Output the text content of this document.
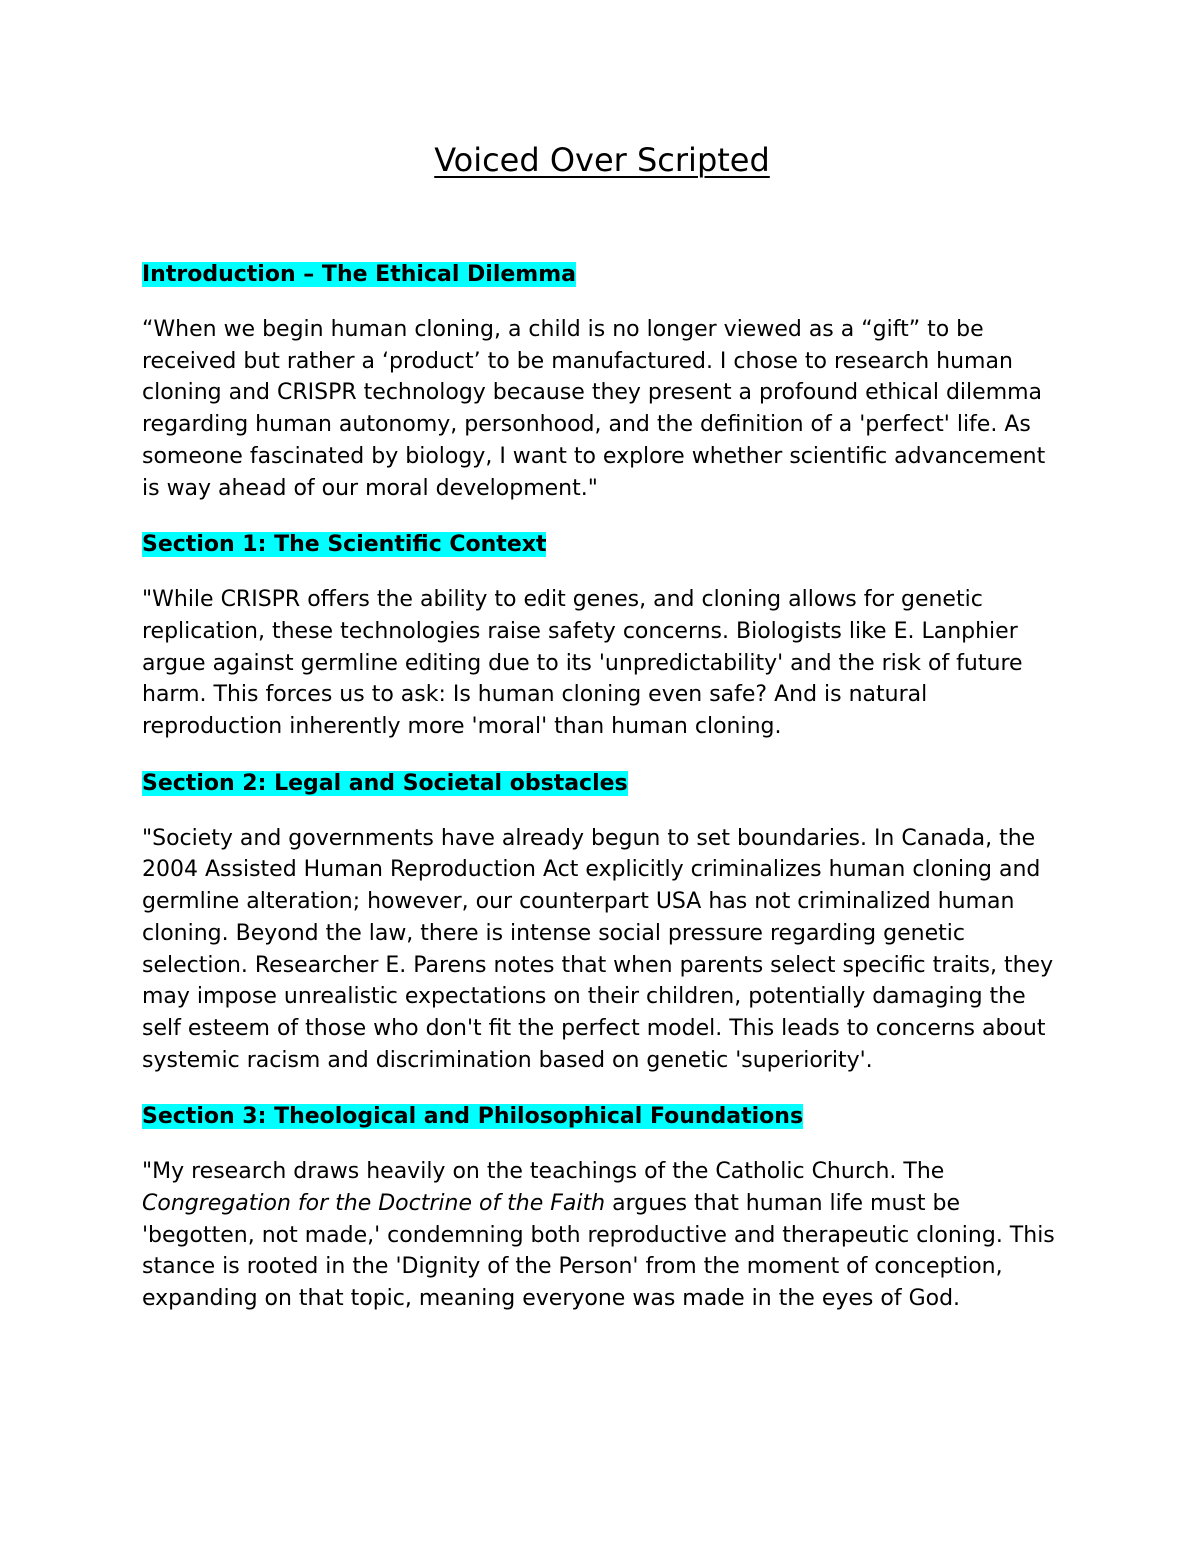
Voiced Over Scripted
Introduction – The Ethical Dilemma

“When we begin human cloning, a child is no longer viewed as a “gift” to be received but rather a ‘product’ to be manufactured. I chose to research human cloning and CRISPR technology because they present a profound ethical dilemma regarding human autonomy, personhood, and the definition of a 'perfect' life. As someone fascinated by biology, I want to explore whether scientific advancement is way ahead of our moral development."

Section 1: The Scientific Context

"While CRISPR offers the ability to edit genes, and cloning allows for genetic replication, these technologies raise safety concerns. Biologists like E. Lanphier argue against germline editing due to its 'unpredictability' and the risk of future harm. This forces us to ask: Is human cloning even safe? And is natural reproduction inherently more 'moral' than human cloning.

Section 2: Legal and Societal obstacles

"Society and governments have already begun to set boundaries. In Canada, the 2004 Assisted Human Reproduction Act explicitly criminalizes human cloning and germline alteration; however, our counterpart USA has not criminalized human cloning. Beyond the law, there is intense social pressure regarding genetic selection. Researcher E. Parens notes that when parents select specific traits, they may impose unrealistic expectations on their children, potentially damaging the self esteem of those who don't fit the perfect model. This leads to concerns about systemic racism and discrimination based on genetic 'superiority'.

Section 3: Theological and Philosophical Foundations

"My research draws heavily on the teachings of the Catholic Church. The Congregation for the Doctrine of the Faith argues that human life must be 'begotten, not made,' condemning both reproductive and therapeutic cloning. This stance is rooted in the 'Dignity of the Person' from the moment of conception, expanding on that topic, meaning everyone was made in the eyes of God.
